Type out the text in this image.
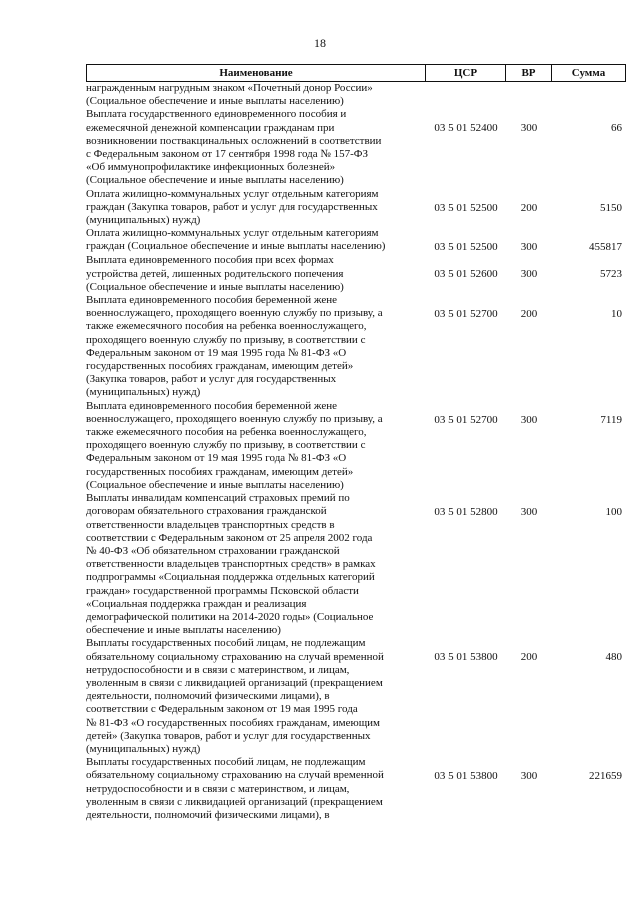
18
Наименование	ЦСР	ВР	Сумма
награжденным нагрудным знаком «Почетный донор России»
(Социальное обеспечение и иные выплаты населению)
Выплата государственного единовременного пособия и
ежемесячной денежной компенсации гражданам при
возникновении поствакцинальных осложнений в соответствии
с Федеральным законом от 17 сентября 1998 года № 157-ФЗ
«Об иммунопрофилактике инфекционных болезней»
(Социальное обеспечение и иные выплаты населению)
03 5 01 52400	300	66
Оплата жилищно-коммунальных услуг отдельным категориям
граждан (Закупка товаров, работ и услуг для государственных
(муниципальных) нужд)
03 5 01 52500	200	5150
Оплата жилищно-коммунальных услуг отдельным категориям
граждан (Социальное обеспечение и иные выплаты населению)	03 5 01 52500	300	455817
Выплата единовременного пособия при всех формах
устройства детей, лишенных родительского попечения
(Социальное обеспечение и иные выплаты населению)
03 5 01 52600	300	5723
Выплата единовременного пособия беременной жене
военнослужащего, проходящего военную службу по призыву, а
также ежемесячного пособия на ребенка военнослужащего,
проходящего военную службу по призыву, в соответствии с
Федеральным законом от 19 мая 1995 года № 81-ФЗ «О
государственных пособиях гражданам, имеющим детей»
(Закупка товаров, работ и услуг для государственных
(муниципальных) нужд)
03 5 01 52700	200	10
Выплата единовременного пособия беременной жене
военнослужащего, проходящего военную службу по призыву, а
также ежемесячного пособия на ребенка военнослужащего,
проходящего военную службу по призыву, в соответствии с
Федеральным законом от 19 мая 1995 года № 81-ФЗ «О
государственных пособиях гражданам, имеющим детей»
(Социальное обеспечение и иные выплаты населению)
03 5 01 52700	300	7119
Выплаты инвалидам компенсаций страховых премий по
договорам обязательного страхования гражданской
ответственности владельцев транспортных средств в
соответствии с Федеральным законом от 25 апреля 2002 года
№ 40-ФЗ «Об обязательном страховании гражданской
ответственности владельцев транспортных средств» в рамках
подпрограммы «Социальная поддержка отдельных категорий
граждан» государственной программы Псковской области
«Социальная поддержка граждан и реализация
демографической политики на 2014-2020 годы» (Социальное
обеспечение и иные выплаты населению)
03 5 01 52800	300	100
Выплаты государственных пособий лицам, не подлежащим
обязательному социальному страхованию на случай временной
нетрудоспособности и в связи с материнством, и лицам,
уволенным в связи с ликвидацией организаций (прекращением
деятельности, полномочий физическими лицами), в
соответствии с Федеральным законом от 19 мая 1995 года
№ 81-ФЗ «О государственных пособиях гражданам, имеющим
детей» (Закупка товаров, работ и услуг для государственных
(муниципальных) нужд)
03 5 01 53800	200	480
Выплаты государственных пособий лицам, не подлежащим
обязательному социальному страхованию на случай временной
нетрудоспособности и в связи с материнством, и лицам,
уволенным в связи с ликвидацией организаций (прекращением
деятельности, полномочий физическими лицами), в
03 5 01 53800	300	221659
